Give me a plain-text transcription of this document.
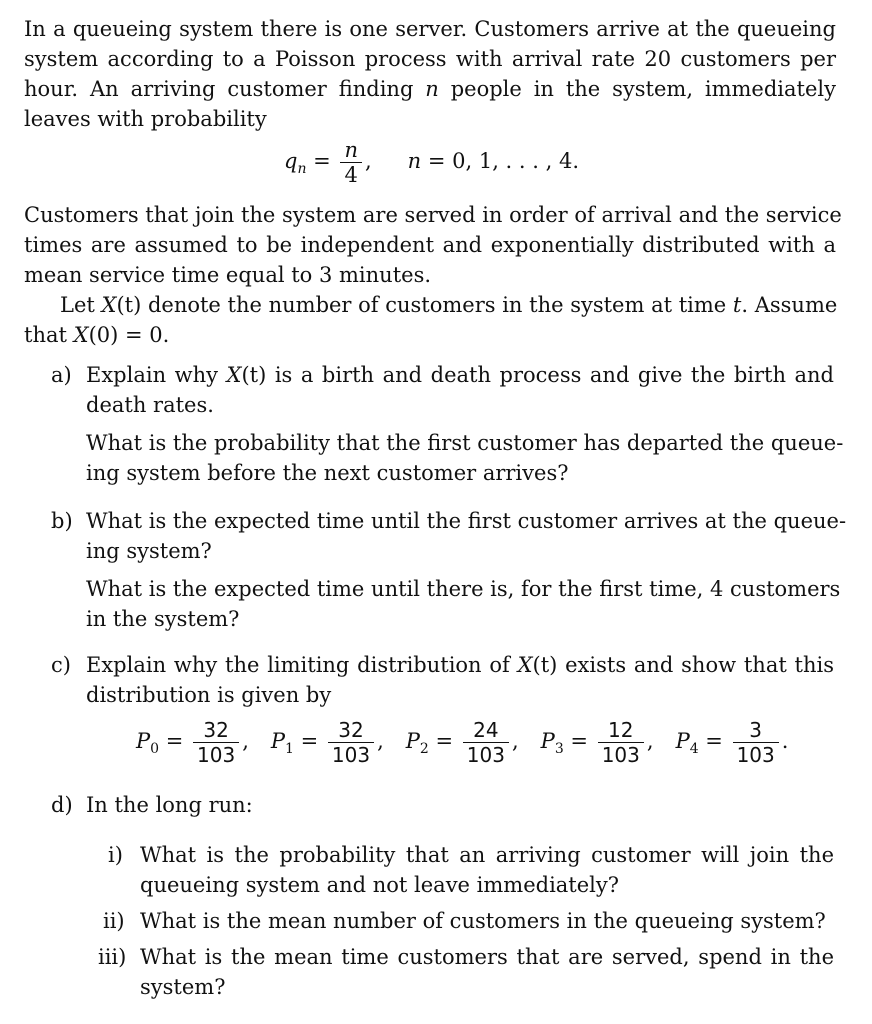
In a queueing system there is one server. Customers arrive at the queueing
system according to a Poisson process with arrival rate 20 customers per
hour. An arriving customer finding n people in the system, immediately
leaves with probability
$q_n = \frac{n}{4}$ , n = 0, 1, . . . , 4.
Customers that join the system are served in order of arrival and the service
times are assumed to be independent and exponentially distributed with a
mean service time equal to 3 minutes.
Let X(t) denote the number of customers in the system at time t. Assume
that X(0) = 0.
a) Explain why X(t) is a birth and death process and give the birth and
death rates.
What is the probability that the first customer has departed the queue-
ing system before the next customer arrives?
b) What is the expected time until the first customer arrives at the queue-
ing system?
What is the expected time until there is, for the first time, 4 customers
in the system?
c) Explain why the limiting distribution of X(t) exists and show that this
distribution is given by
$P_0 = \frac{32}{103}$ , $P_1 = \frac{32}{103}$ , $P_2 = \frac{24}{103}$ , $P_3 = \frac{12}{103}$ , $P_4 = \frac{3}{103}$ .
d) In the long run:
i) What is the probability that an arriving customer will join the
queueing system and not leave immediately?
ii) What is the mean number of customers in the queueing system?
iii) What is the mean time customers that are served, spend in the
system?
